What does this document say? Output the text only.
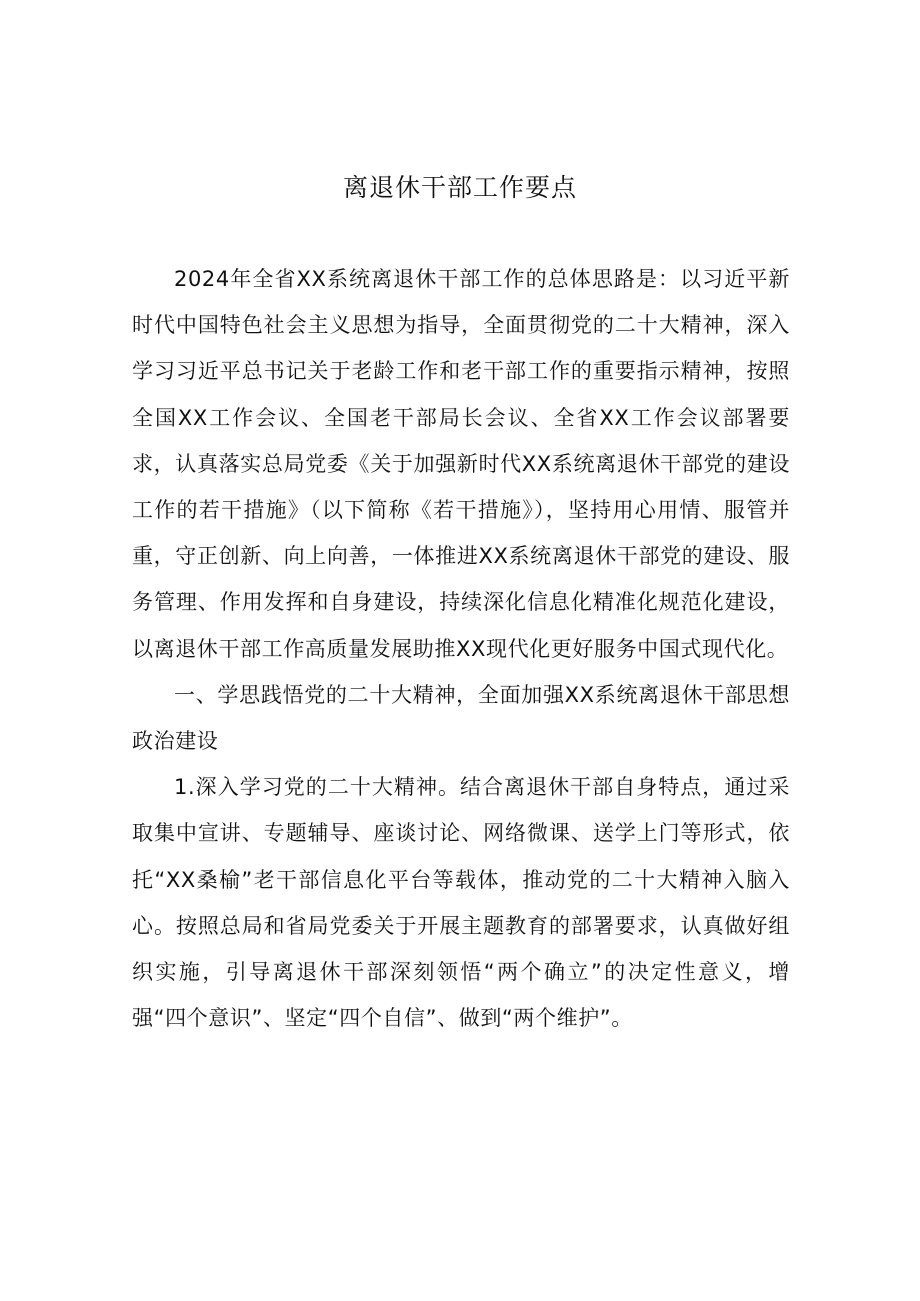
离退休干部工作要点

2024年全省XX系统离退休干部工作的总体思路是：以习近平新时代中国特色社会主义思想为指导，全面贯彻党的二十大精神，深入学习习近平总书记关于老龄工作和老干部工作的重要指示精神，按照全国XX工作会议、全国老干部局长会议、全省XX工作会议部署要求，认真落实总局党委《关于加强新时代XX系统离退休干部党的建设工作的若干措施》（以下简称《若干措施》），坚持用心用情、服管并重，守正创新、向上向善，一体推进XX系统离退休干部党的建设、服务管理、作用发挥和自身建设，持续深化信息化精准化规范化建设，以离退休干部工作高质量发展助推XX现代化更好服务中国式现代化。

一、学思践悟党的二十大精神，全面加强XX系统离退休干部思想政治建设

1.深入学习党的二十大精神。结合离退休干部自身特点，通过采取集中宣讲、专题辅导、座谈讨论、网络微课、送学上门等形式，依托“XX桑榆”老干部信息化平台等载体，推动党的二十大精神入脑入心。按照总局和省局党委关于开展主题教育的部署要求，认真做好组织实施，引导离退休干部深刻领悟“两个确立”的决定性意义，增强“四个意识”、坚定“四个自信”、做到“两个维护”。
